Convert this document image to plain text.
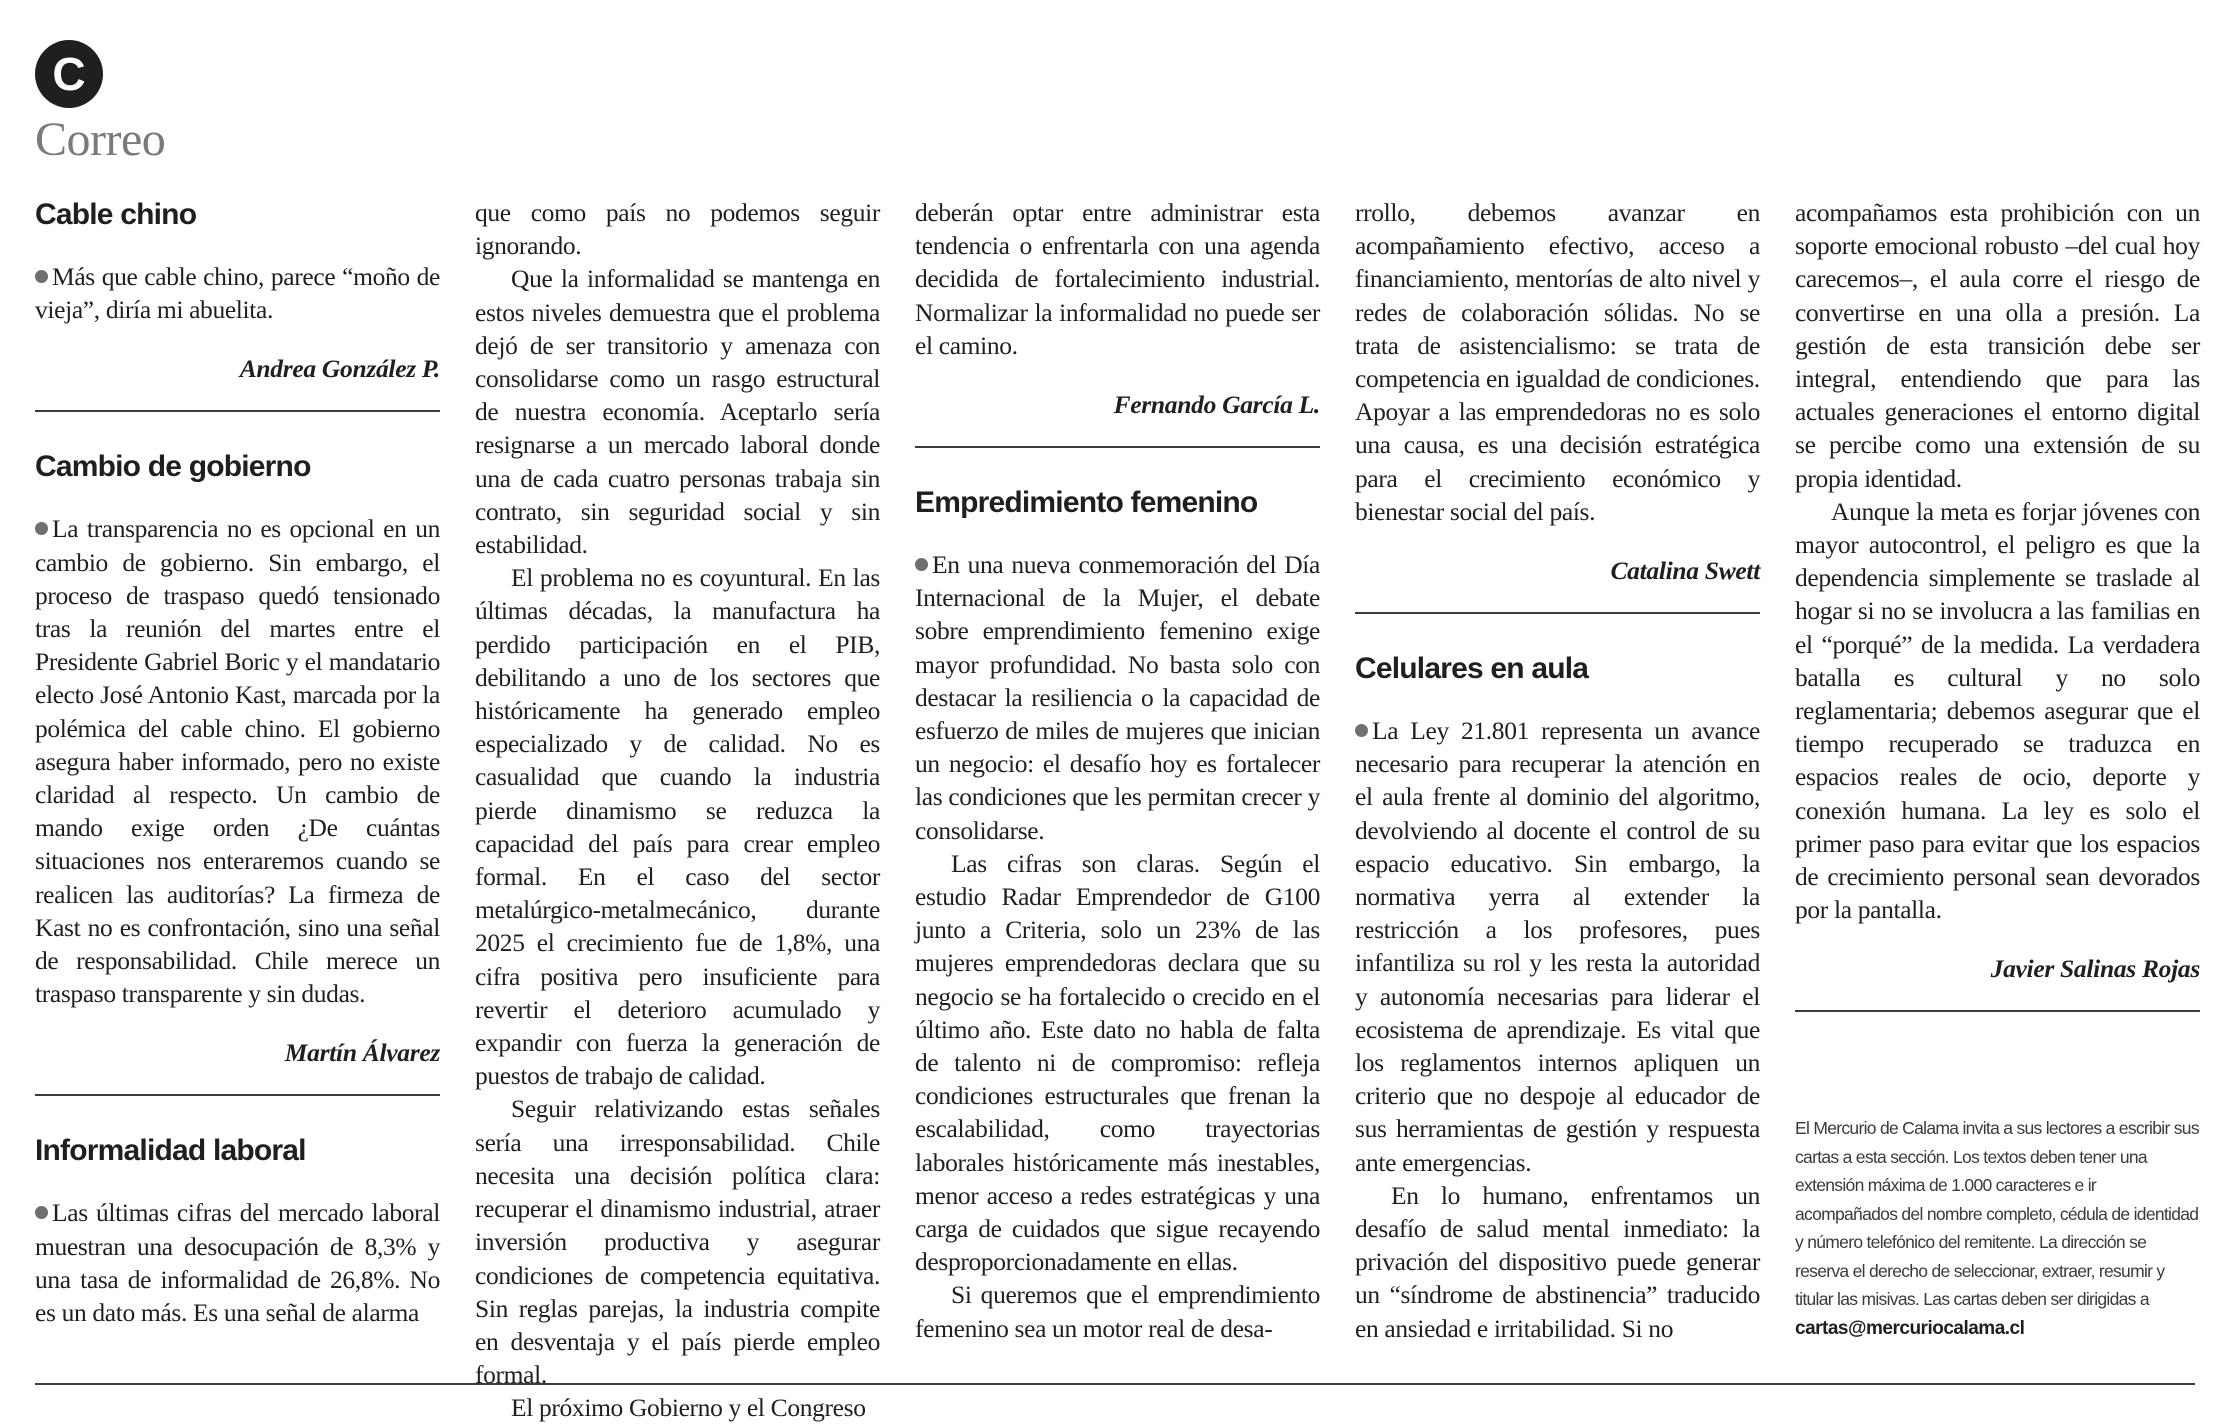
C
Correo
Cable chino

Más que cable chino, parece “moño de vieja”, diría mi abuelita.

Andrea González P.
Cambio de gobierno

La transparencia no es opcional en un cambio de gobierno. Sin embargo, el proceso de traspaso quedó tensionado tras la reunión del martes entre el Presidente Gabriel Boric y el mandatario electo José Antonio Kast, marcada por la polémica del cable chino. El gobierno asegura haber informado, pero no existe claridad al respecto. Un cambio de mando exige orden ¿De cuántas situaciones nos enteraremos cuando se realicen las auditorías? La firmeza de Kast no es confrontación, sino una señal de responsabilidad. Chile merece un traspaso transparente y sin dudas.

Martín Álvarez
Informalidad laboral

Las últimas cifras del mercado laboral muestran una desocupación de 8,3% y una tasa de informalidad de 26,8%. No es un dato más. Es una señal de alarma

que como país no podemos seguir ignorando.

Que la informalidad se mantenga en estos niveles demuestra que el problema dejó de ser transitorio y amenaza con consolidarse como un rasgo estructural de nuestra economía. Aceptarlo sería resignarse a un mercado laboral donde una de cada cuatro personas trabaja sin contrato, sin seguridad social y sin estabilidad.

El problema no es coyuntural. En las últimas décadas, la manufactura ha perdido participación en el PIB, debilitando a uno de los sectores que históricamente ha generado empleo especializado y de calidad. No es casualidad que cuando la industria pierde dinamismo se reduzca la capacidad del país para crear empleo formal. En el caso del sector metalúrgico-metalmecánico, durante 2025 el crecimiento fue de 1,8%, una cifra positiva pero insuficiente para revertir el deterioro acumulado y expandir con fuerza la generación de puestos de trabajo de calidad.

Seguir relativizando estas señales sería una irresponsabilidad. Chile necesita una decisión política clara: recuperar el dinamismo industrial, atraer inversión productiva y asegurar condiciones de competencia equitativa. Sin reglas parejas, la industria compite en desventaja y el país pierde empleo formal.

El próximo Gobierno y el Congreso

deberán optar entre administrar esta tendencia o enfrentarla con una agenda decidida de fortalecimiento industrial. Normalizar la informalidad no puede ser el camino.

Fernando García L.
Empredimiento femenino

En una nueva conmemoración del Día Internacional de la Mujer, el debate sobre emprendimiento femenino exige mayor profundidad. No basta solo con destacar la resiliencia o la capacidad de esfuerzo de miles de mujeres que inician un negocio: el desafío hoy es fortalecer las condiciones que les permitan crecer y consolidarse.

Las cifras son claras. Según el estudio Radar Emprendedor de G100 junto a Criteria, solo un 23% de las mujeres emprendedoras declara que su negocio se ha fortalecido o crecido en el último año. Este dato no habla de falta de talento ni de compromiso: refleja condiciones estructurales que frenan la escalabilidad, como trayectorias laborales históricamente más inestables, menor acceso a redes estratégicas y una carga de cuidados que sigue recayendo desproporcionadamente en ellas.

Si queremos que el emprendimiento femenino sea un motor real de desa-

rrollo, debemos avanzar en acompañamiento efectivo, acceso a financiamiento, mentorías de alto nivel y redes de colaboración sólidas. No se trata de asistencialismo: se trata de competencia en igualdad de condiciones.

Apoyar a las emprendedoras no es solo una causa, es una decisión estratégica para el crecimiento económico y bienestar social del país.

Catalina Swett
Celulares en aula

La Ley 21.801 representa un avance necesario para recuperar la atención en el aula frente al dominio del algoritmo, devolviendo al docente el control de su espacio educativo. Sin embargo, la normativa yerra al extender la restricción a los profesores, pues infantiliza su rol y les resta la autoridad y autonomía necesarias para liderar el ecosistema de aprendizaje. Es vital que los reglamentos internos apliquen un criterio que no despoje al educador de sus herramientas de gestión y respuesta ante emergencias.

En lo humano, enfrentamos un desafío de salud mental inmediato: la privación del dispositivo puede generar un “síndrome de abstinencia” traducido en ansiedad e irritabilidad. Si no

acompañamos esta prohibición con un soporte emocional robusto –del cual hoy carecemos–, el aula corre el riesgo de convertirse en una olla a presión. La gestión de esta transición debe ser integral, entendiendo que para las actuales generaciones el entorno digital se percibe como una extensión de su propia identidad.

Aunque la meta es forjar jóvenes con mayor autocontrol, el peligro es que la dependencia simplemente se traslade al hogar si no se involucra a las familias en el “porqué” de la medida. La verdadera batalla es cultural y no solo reglamentaria; debemos asegurar que el tiempo recuperado se traduzca en espacios reales de ocio, deporte y conexión humana. La ley es solo el primer paso para evitar que los espacios de crecimiento personal sean devorados por la pantalla.

Javier Salinas Rojas
El Mercurio de Calama invita a sus lectores a escribir sus cartas a esta sección. Los textos deben tener una extensión máxima de 1.000 caracteres e ir acompañados del nombre completo, cédula de identidad y número telefónico del remitente. La dirección se reserva el derecho de seleccionar, extraer, resumir y titular las misivas. Las cartas deben ser dirigidas a
cartas@mercuriocalama.cl
